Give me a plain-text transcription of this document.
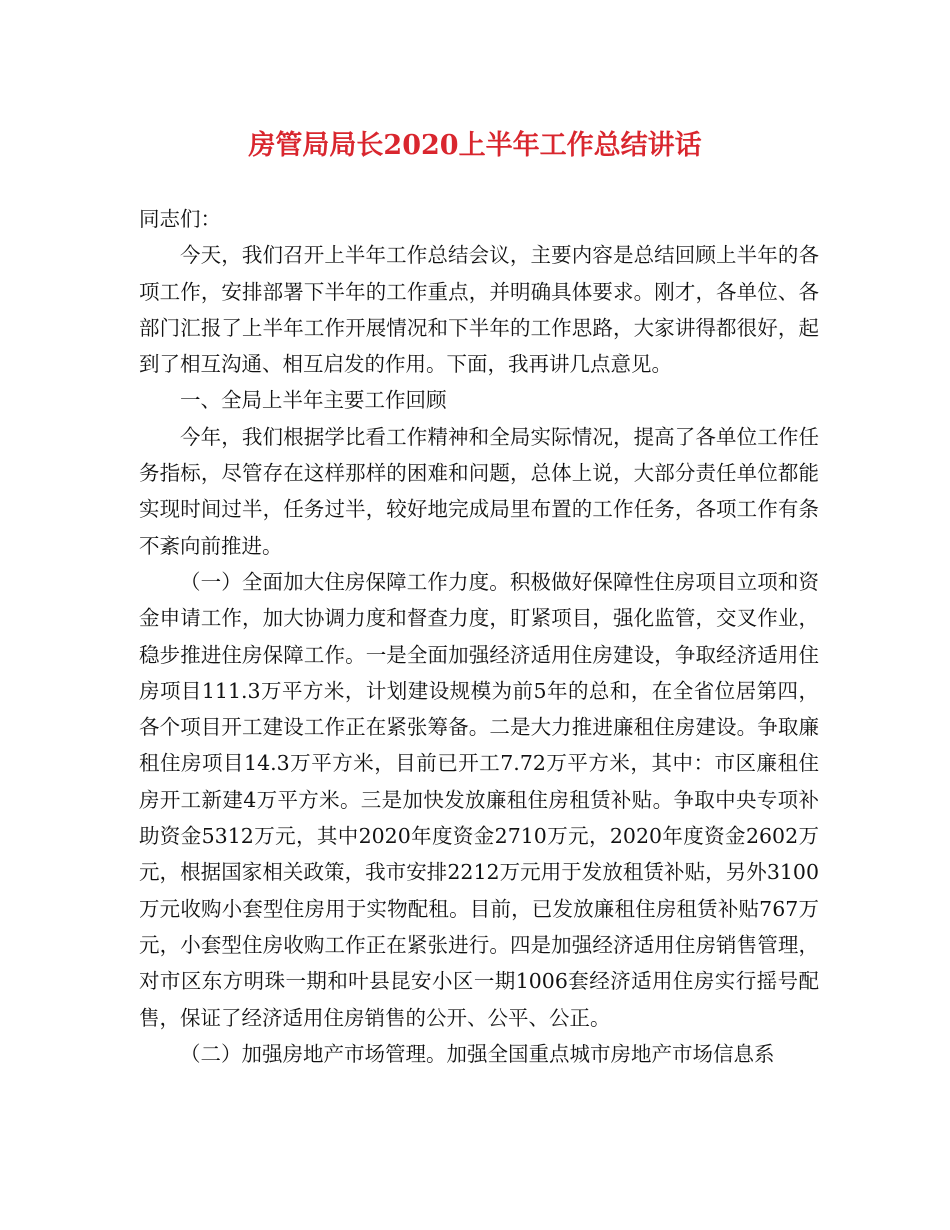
房管局局长2020上半年工作总结讲话

同志们：

今天，我们召开上半年工作总结会议，主要内容是总结回顾上半年的各项工作，安排部署下半年的工作重点，并明确具体要求。刚才，各单位、各部门汇报了上半年工作开展情况和下半年的工作思路，大家讲得都很好，起到了相互沟通、相互启发的作用。下面，我再讲几点意见。

一、全局上半年主要工作回顾

今年，我们根据学比看工作精神和全局实际情况，提高了各单位工作任务指标，尽管存在这样那样的困难和问题，总体上说，大部分责任单位都能实现时间过半，任务过半，较好地完成局里布置的工作任务，各项工作有条不紊向前推进。

（一）全面加大住房保障工作力度。积极做好保障性住房项目立项和资金申请工作，加大协调力度和督查力度，盯紧项目，强化监管，交叉作业，稳步推进住房保障工作。一是全面加强经济适用住房建设，争取经济适用住房项目111.3万平方米，计划建设规模为前5年的总和，在全省位居第四，各个项目开工建设工作正在紧张筹备。二是大力推进廉租住房建设。争取廉租住房项目14.3万平方米，目前已开工7.72万平方米，其中：市区廉租住房开工新建4万平方米。三是加快发放廉租住房租赁补贴。争取中央专项补助资金5312万元，其中2020年度资金2710万元，2020年度资金2602万元，根据国家相关政策，我市安排2212万元用于发放租赁补贴，另外3100万元收购小套型住房用于实物配租。目前，已发放廉租住房租赁补贴767万元，小套型住房收购工作正在紧张进行。四是加强经济适用住房销售管理，对市区东方明珠一期和叶县昆安小区一期1006套经济适用住房实行摇号配售，保证了经济适用住房销售的公开、公平、公正。

（二）加强房地产市场管理。加强全国重点城市房地产市场信息系
